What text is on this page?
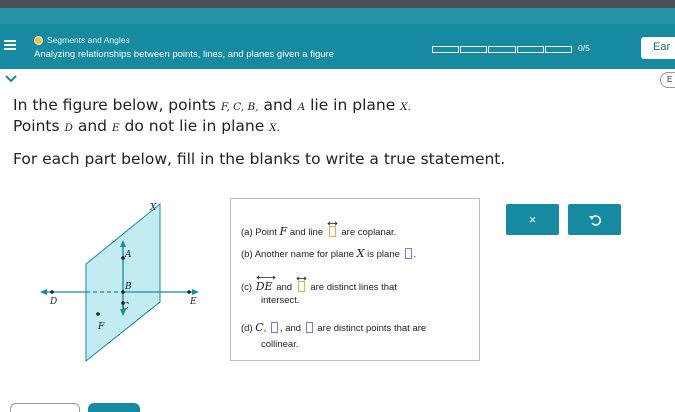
Segments and Angles
Analyzing relationships between points, lines, and planes given a figure
0/5	Ear
E
In the figure below, points F, C, B, and A lie in plane X.
Points D and E do not lie in plane X.
For each part below, fill in the blanks to write a true statement.
X
A
B
C
D	E
F
(a) Point F and line
are coplanar.
(b) Another name for plane X is plane .
(c)
DE and
are distinct lines that
intersect.
(d) C, , and  are distinct points that are
collinear.
×
